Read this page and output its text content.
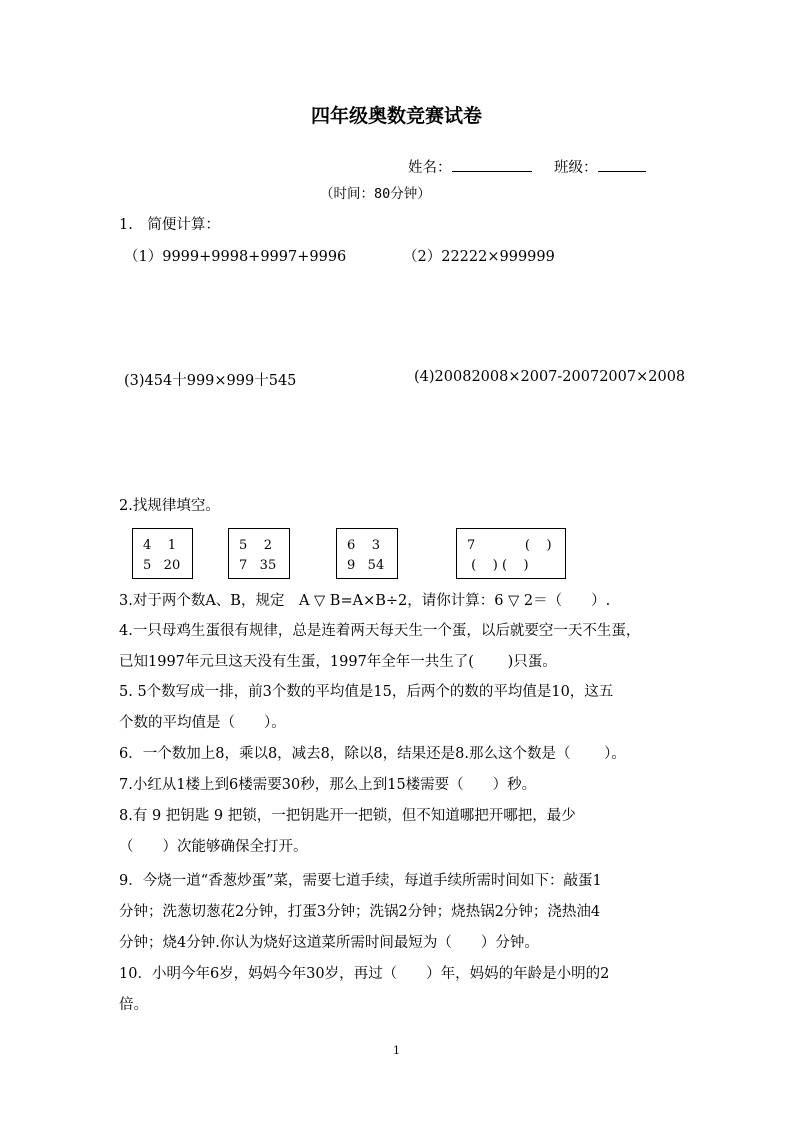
四年级奥数竞赛试卷
姓名：	班级：
（时间：80分钟）
1.　简便计算：
（1）9999+9998+9997+9996	（2）22222×999999
(3)454十999×999十545	(4)20082008×2007-20072007×2008
2.找规律填空。
4    1
5   20
5    2
7   35
6    3
9   54
7            (    )
(    ) (    )
3.对于两个数A、B，规定　A ▽ B=A×B÷2，请你计算：6 ▽ 2＝（　　）.
4.一只母鸡生蛋很有规律，总是连着两天每天生一个蛋，以后就要空一天不生蛋，
已知1997年元旦这天没有生蛋，1997年全年一共生了(　　 )只蛋。
5. 5个数写成一排，前3个数的平均值是15，后两个的数的平均值是10，这五
个数的平均值是（　　）。
6．一个数加上8，乘以8，减去8，除以8，结果还是8.那么这个数是（　　 ）。
7.小红从1楼上到6楼需要30秒，那么上到15楼需要（　　）秒。
8.有 9 把钥匙 9 把锁，一把钥匙开一把锁，但不知道哪把开哪把，最少
（　　）次能够确保全打开。
9．今烧一道“香葱炒蛋”菜，需要七道手续，每道手续所需时间如下：敲蛋1
分钟；洗葱切葱花2分钟，打蛋3分钟；洗锅2分钟；烧热锅2分钟；浇热油4
分钟；烧4分钟.你认为烧好这道菜所需时间最短为（　　）分钟。
10．小明今年6岁，妈妈今年30岁，再过（　　）年，妈妈的年龄是小明的2
倍。
1
